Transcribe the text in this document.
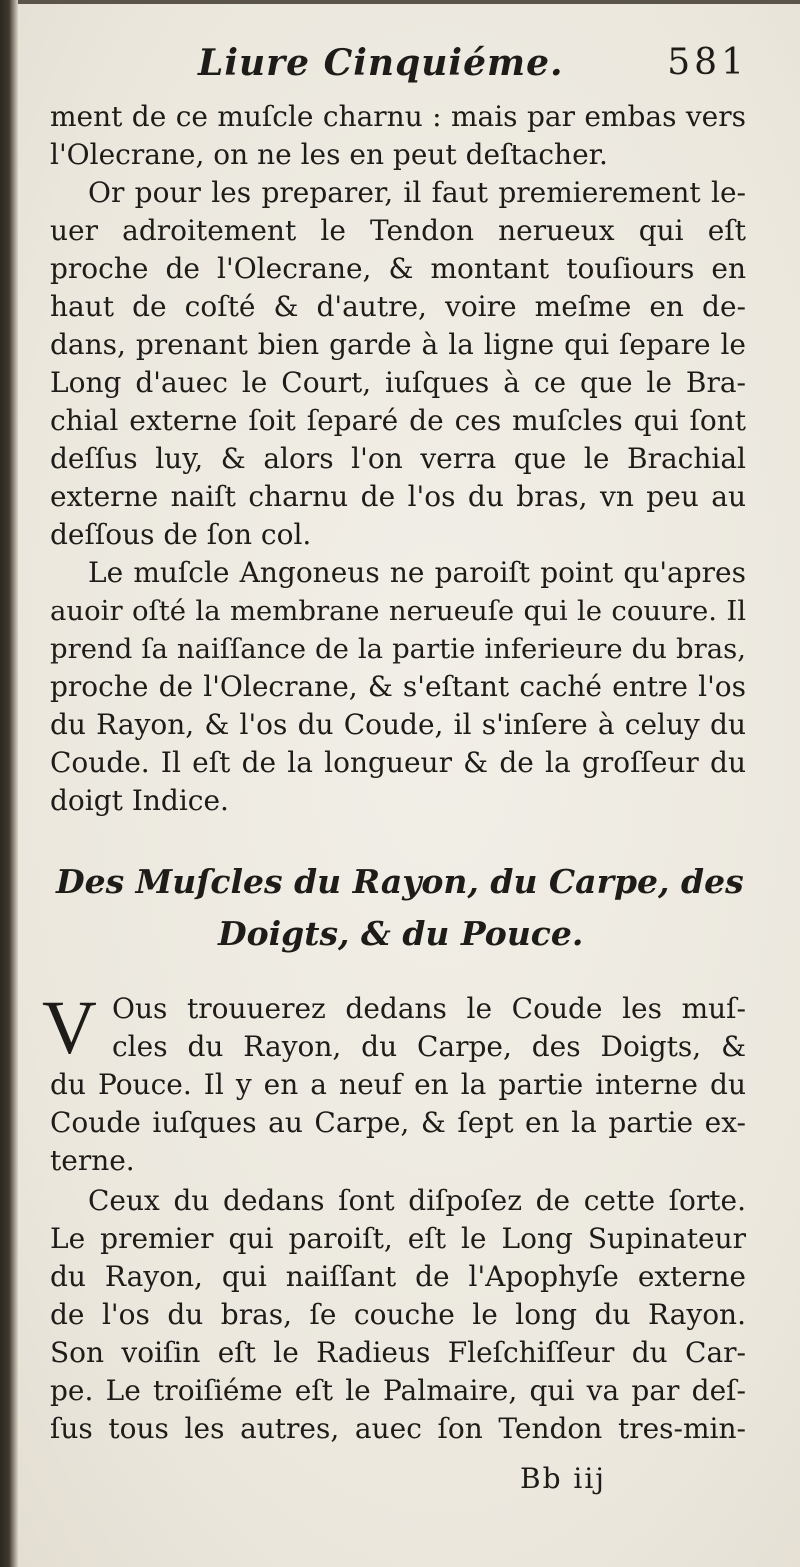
Liure Cinquiéme.	581
ment de ce muſcle charnu : mais par embas vers
l'Olecrane, on ne les en peut deſtacher.
Or pour les preparer, il faut premierement le-
uer adroitement le Tendon nerueux qui eſt
proche de l'Olecrane, & montant touſiours en
haut de coſté & d'autre, voire meſme en de-
dans, prenant bien garde à la ligne qui ſepare le
Long d'auec le Court, iuſques à ce que le Bra-
chial externe ſoit ſeparé de ces muſcles qui ſont
deſſus luy, & alors l'on verra que le Brachial
externe naiſt charnu de l'os du bras, vn peu au
deſſous de ſon col.
Le muſcle Angoneus ne paroiſt point qu'apres
auoir oſté la membrane nerueuſe qui le couure. Il
prend ſa naiſſance de la partie inferieure du bras,
proche de l'Olecrane, & s'eſtant caché entre l'os
du Rayon, & l'os du Coude, il s'inſere à celuy du
Coude. Il eſt de la longueur & de la groſſeur du
doigt Indice.
Des Muſcles du Rayon, du Carpe, des
Doigts, & du Pouce.
V Ous trouuerez dedans le Coude les muſ-
cles du Rayon, du Carpe, des Doigts, &
du Pouce. Il y en a neuf en la partie interne du
Coude iuſques au Carpe, & ſept en la partie ex-
terne.
Ceux du dedans ſont diſpoſez de cette ſorte.
Le premier qui paroiſt, eſt le Long Supinateur
du Rayon, qui naiſſant de l'Apophyſe externe
de l'os du bras, ſe couche le long du Rayon.
Son voiſin eſt le Radieus Fleſchiſſeur du Car-
pe. Le troiſiéme eſt le Palmaire, qui va par deſ-
ſus tous les autres, auec ſon Tendon tres-min-
Bb iij
